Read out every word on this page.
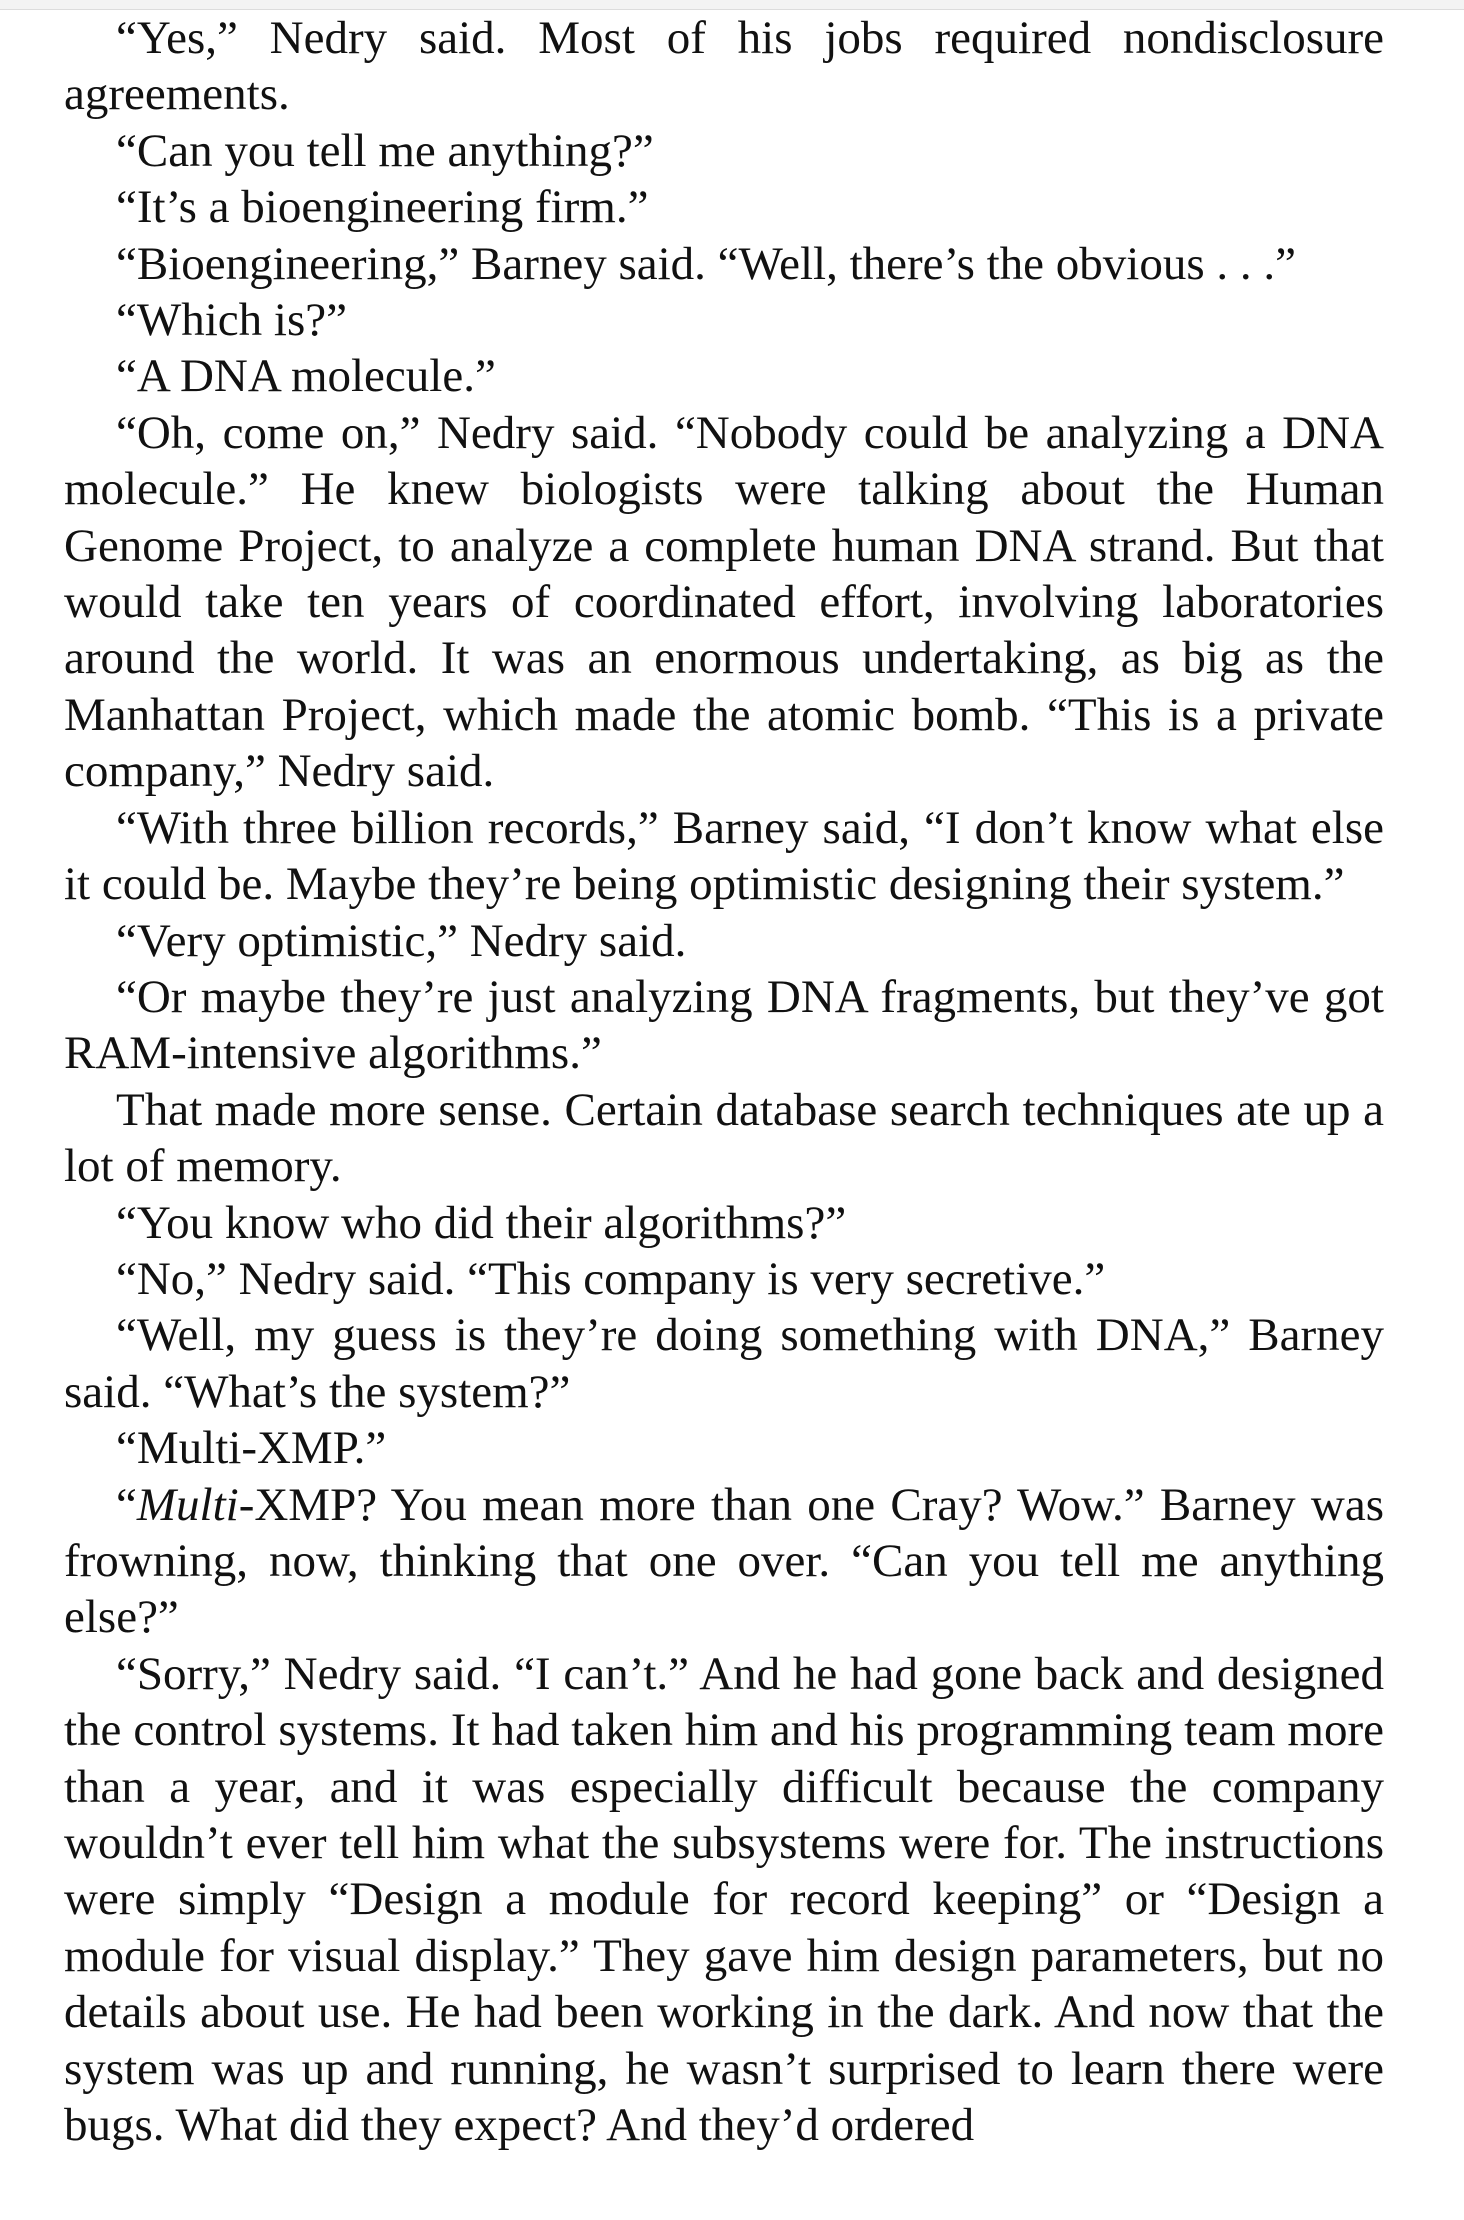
“Yes,” Nedry said. Most of his jobs required nondisclosure agreements.

“Can you tell me anything?”

“It’s a bioengineering firm.”

“Bioengineering,” Barney said. “Well, there’s the obvious . . .”

“Which is?”

“A DNA molecule.”

“Oh, come on,” Nedry said. “Nobody could be analyzing a DNA molecule.” He knew biologists were talking about the Human Genome Project, to analyze a complete human DNA strand. But that would take ten years of coordinated effort, involving laboratories around the world. It was an enormous undertaking, as big as the Manhattan Project, which made the atomic bomb. “This is a private company,” Nedry said.

“With three billion records,” Barney said, “I don’t know what else it could be. Maybe they’re being optimistic designing their system.”

“Very optimistic,” Nedry said.

“Or maybe they’re just analyzing DNA fragments, but they’ve got RAM-intensive algorithms.”

That made more sense. Certain database search techniques ate up a lot of memory.

“You know who did their algorithms?”

“No,” Nedry said. “This company is very secretive.”

“Well, my guess is they’re doing something with DNA,” Barney said. “What’s the system?”

“Multi-XMP.”

“Multi-XMP? You mean more than one Cray? Wow.” Barney was frowning, now, thinking that one over. “Can you tell me anything else?”

“Sorry,” Nedry said. “I can’t.” And he had gone back and designed the control systems. It had taken him and his programming team more than a year, and it was especially difficult because the company wouldn’t ever tell him what the subsystems were for. The instructions were simply “Design a module for record keeping” or “Design a module for visual display.” They gave him design parameters, but no details about use. He had been working in the dark. And now that the system was up and running, he wasn’t surprised to learn there were bugs. What did they expect? And they’d ordered
